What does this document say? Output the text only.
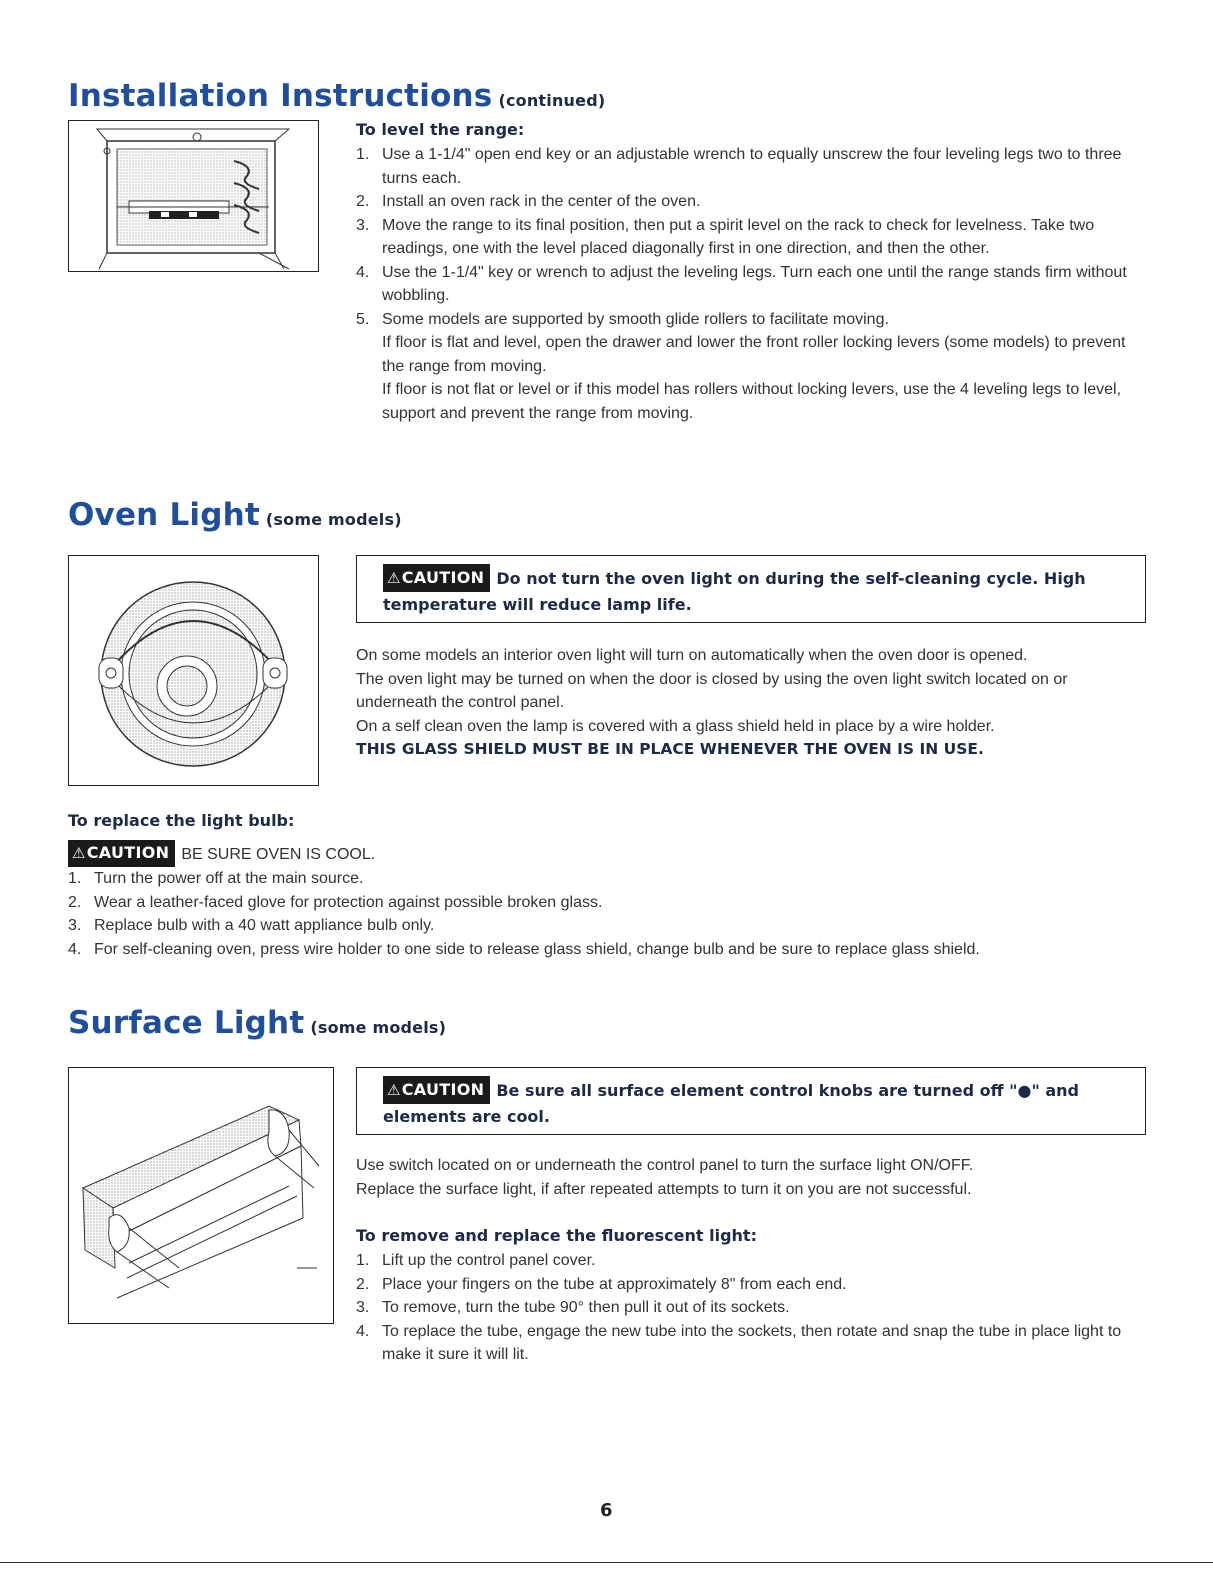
Installation Instructions (continued)
To level the range:
1. Use a 1-1/4" open end key or an adjustable wrench to equally unscrew the four leveling legs two to three turns each.
2. Install an oven rack in the center of the oven.
3. Move the range to its final position, then put a spirit level on the rack to check for levelness. Take two readings, one with the level placed diagonally first in one direction, and then the other.
4. Use the 1-1/4" key or wrench to adjust the leveling legs. Turn each one until the range stands firm without wobbling.
5. Some models are supported by smooth glide rollers to facilitate moving.
If floor is flat and level, open the drawer and lower the front roller locking levers (some models) to prevent the range from moving.
If floor is not flat or level or if this model has rollers without locking levers, use the 4 leveling legs to level, support and prevent the range from moving.
Oven Light (some models)
⚠CAUTION Do not turn the oven light on during the self-cleaning cycle. High temperature will reduce lamp life.
On some models an interior oven light will turn on automatically when the oven door is opened.
The oven light may be turned on when the door is closed by using the oven light switch located on or underneath the control panel.
On a self clean oven the lamp is covered with a glass shield held in place by a wire holder.
THIS GLASS SHIELD MUST BE IN PLACE WHENEVER THE OVEN IS IN USE.
To replace the light bulb:
⚠CAUTION BE SURE OVEN IS COOL.
1. Turn the power off at the main source.
2. Wear a leather-faced glove for protection against possible broken glass.
3. Replace bulb with a 40 watt appliance bulb only.
4. For self-cleaning oven, press wire holder to one side to release glass shield, change bulb and be sure to replace glass shield.
Surface Light (some models)
⚠CAUTION Be sure all surface element control knobs are turned off "●" and elements are cool.
Use switch located on or underneath the control panel to turn the surface light ON/OFF.
Replace the surface light, if after repeated attempts to turn it on you are not successful.
To remove and replace the fluorescent light:
1. Lift up the control panel cover.
2. Place your fingers on the tube at approximately 8" from each end.
3. To remove, turn the tube 90° then pull it out of its sockets.
4. To replace the tube, engage the new tube into the sockets, then rotate and snap the tube in place light to make it sure it will lit.
6
